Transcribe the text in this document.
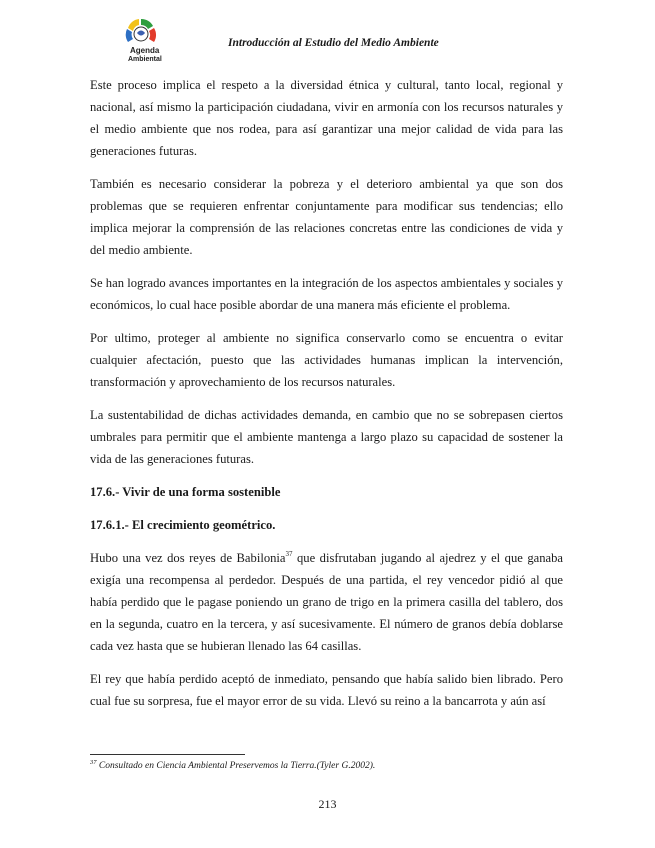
Agenda
Ambiental
Introducción al Estudio del Medio Ambiente

Este proceso implica el respeto a la diversidad étnica y cultural, tanto local, regional y nacional, así mismo la participación ciudadana, vivir en armonía con los recursos naturales y el medio ambiente que nos rodea, para así garantizar una mejor calidad de vida para las generaciones futuras.

También es necesario considerar la pobreza y el deterioro ambiental ya que son dos problemas que se requieren enfrentar conjuntamente para modificar sus tendencias; ello implica mejorar la comprensión de las relaciones concretas entre las condiciones de vida y del medio ambiente.

Se han logrado avances importantes en la integración de los aspectos ambientales y sociales y económicos, lo cual hace posible abordar de una manera más eficiente el problema.

Por ultimo, proteger al ambiente no significa conservarlo como se encuentra o evitar cualquier afectación, puesto que las actividades humanas implican la intervención, transformación y aprovechamiento de los recursos naturales.

La sustentabilidad de dichas actividades demanda, en cambio que no se sobrepasen ciertos umbrales para permitir que el ambiente mantenga a largo plazo su capacidad de sostener la vida de las generaciones futuras.

17.6.- Vivir de una forma sostenible

17.6.1.- El crecimiento geométrico.

Hubo una vez dos reyes de Babilonia$^{37}$ que disfrutaban jugando al ajedrez y el que ganaba exigía una recompensa al perdedor. Después de una partida, el rey vencedor pidió al que había perdido que le pagase poniendo un grano de trigo en la primera casilla del tablero, dos en la segunda, cuatro en la tercera, y así sucesivamente. El número de granos debía doblarse cada vez hasta que se hubieran llenado las 64 casillas.

El rey que había perdido aceptó de inmediato, pensando que había salido bien librado. Pero cual fue su sorpresa, fue el mayor error de su vida. Llevó su reino a la bancarrota y aún así

$^{37}$ Consultado en Ciencia Ambiental Preservemos la Tierra.(Tyler G.2002).
213
